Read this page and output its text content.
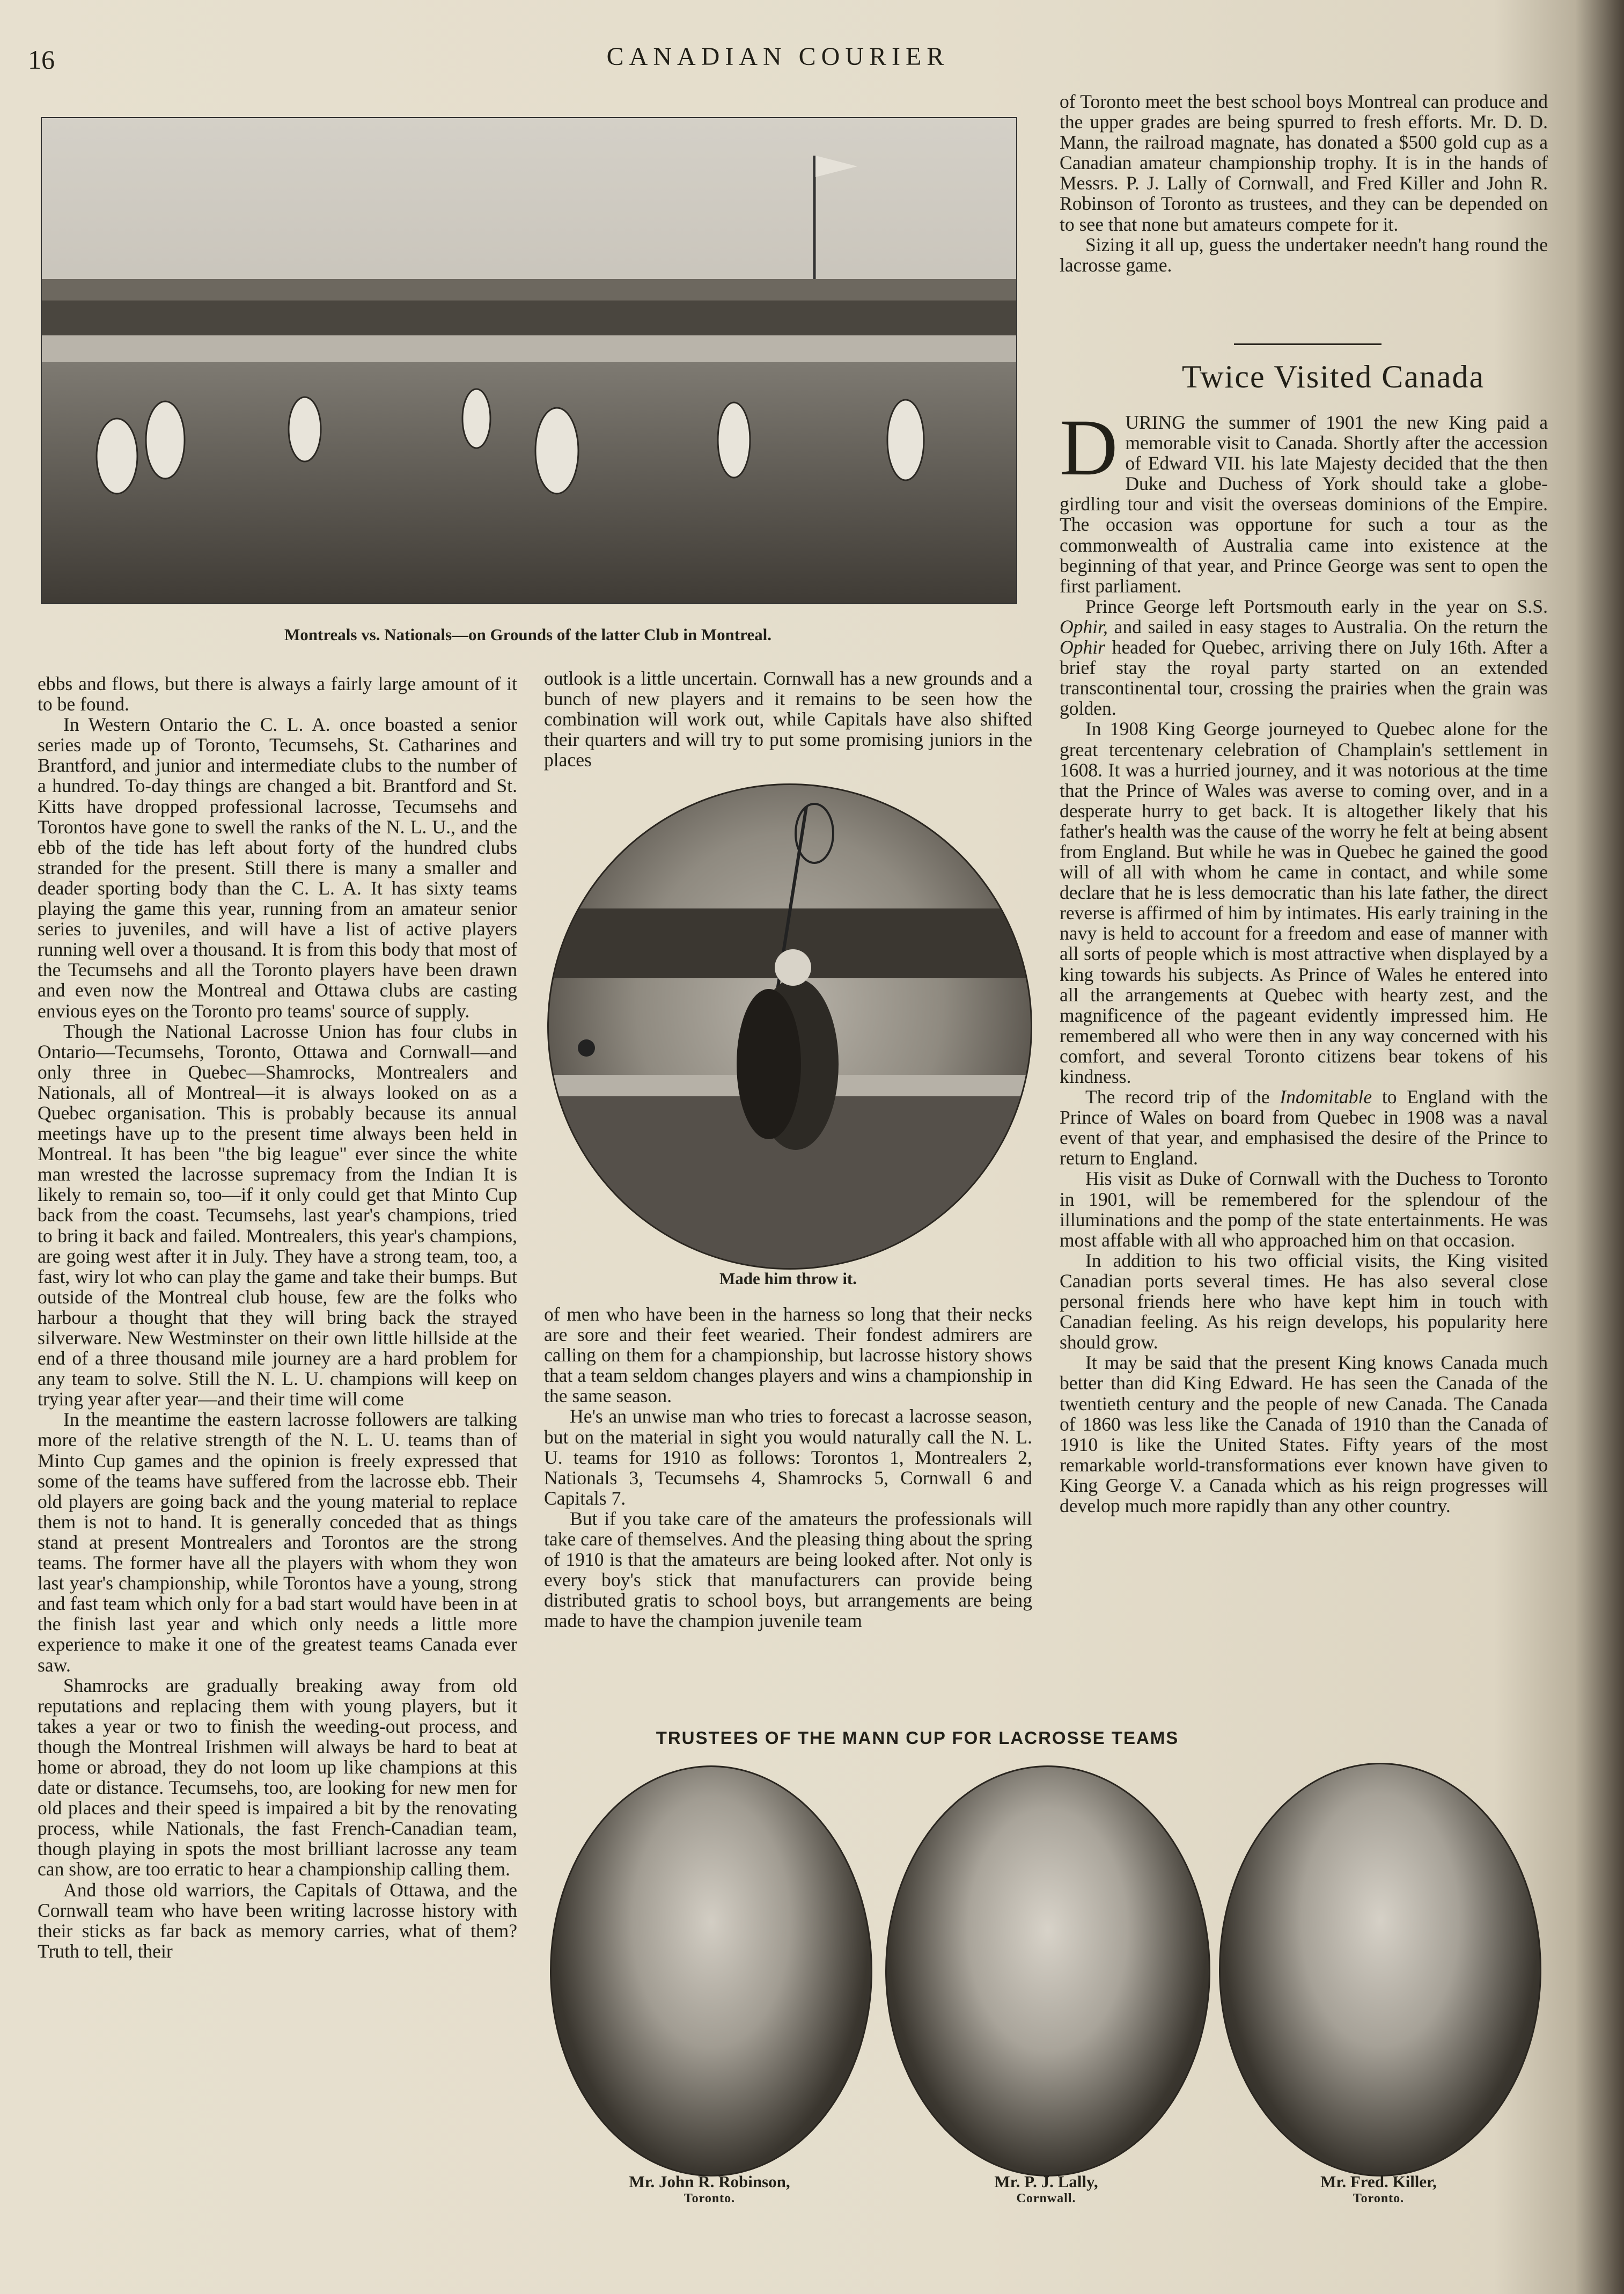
16	CANADIAN COURIER
Montreals vs. Nationals—on Grounds of the latter Club in Montreal.

ebbs and flows, but there is always a fairly large amount of it to be found.

In Western Ontario the C. L. A. once boasted a senior series made up of Toronto, Tecumsehs, St. Catharines and Brantford, and junior and intermediate clubs to the number of a hundred. To-day things are changed a bit. Brantford and St. Kitts have dropped professional lacrosse, Tecumsehs and Torontos have gone to swell the ranks of the N. L. U., and the ebb of the tide has left about forty of the hundred clubs stranded for the present. Still there is many a smaller and deader sporting body than the C. L. A. It has sixty teams playing the game this year, running from an amateur senior series to juveniles, and will have a list of active players running well over a thousand. It is from this body that most of the Tecumsehs and all the Toronto players have been drawn and even now the Montreal and Ottawa clubs are casting envious eyes on the Toronto pro teams' source of supply.

Though the National Lacrosse Union has four clubs in Ontario—Tecumsehs, Toronto, Ottawa and Cornwall—and only three in Quebec—Shamrocks, Montrealers and Nationals, all of Montreal—it is always looked on as a Quebec organisation. This is probably because its annual meetings have up to the present time always been held in Montreal. It has been "the big league" ever since the white man wrested the lacrosse supremacy from the Indian It is likely to remain so, too—if it only could get that Minto Cup back from the coast. Tecumsehs, last year's champions, tried to bring it back and failed. Montrealers, this year's champions, are going west after it in July. They have a strong team, too, a fast, wiry lot who can play the game and take their bumps. But outside of the Montreal club house, few are the folks who harbour a thought that they will bring back the strayed silverware. New Westminster on their own little hillside at the end of a three thousand mile journey are a hard problem for any team to solve. Still the N. L. U. champions will keep on trying year after year—and their time will come

In the meantime the eastern lacrosse followers are talking more of the relative strength of the N. L. U. teams than of Minto Cup games and the opinion is freely expressed that some of the teams have suffered from the lacrosse ebb. Their old players are going back and the young material to replace them is not to hand. It is generally conceded that as things stand at present Montrealers and Torontos are the strong teams. The former have all the players with whom they won last year's championship, while Torontos have a young, strong and fast team which only for a bad start would have been in at the finish last year and which only needs a little more experience to make it one of the greatest teams Canada ever saw.

Shamrocks are gradually breaking away from old reputations and replacing them with young players, but it takes a year or two to finish the weeding-out process, and though the Montreal Irishmen will always be hard to beat at home or abroad, they do not loom up like champions at this date or distance. Tecumsehs, too, are looking for new men for old places and their speed is impaired a bit by the renovating process, while Nationals, the fast French-Canadian team, though playing in spots the most brilliant lacrosse any team can show, are too erratic to hear a championship calling them.

And those old warriors, the Capitals of Ottawa, and the Cornwall team who have been writing lacrosse history with their sticks as far back as memory carries, what of them? Truth to tell, their

outlook is a little uncertain. Cornwall has a new grounds and a bunch of new players and it remains to be seen how the combination will work out, while Capitals have also shifted their quarters and will try to put some promising juniors in the places

Made him throw it.

of men who have been in the harness so long that their necks are sore and their feet wearied. Their fondest admirers are calling on them for a championship, but lacrosse history shows that a team seldom changes players and wins a championship in the same season.

He's an unwise man who tries to forecast a lacrosse season, but on the material in sight you would naturally call the N. L. U. teams for 1910 as follows: Torontos 1, Montrealers 2, Nationals 3, Tecumsehs 4, Shamrocks 5, Cornwall 6 and Capitals 7.

But if you take care of the amateurs the professionals will take care of themselves. And the pleasing thing about the spring of 1910 is that the amateurs are being looked after. Not only is every boy's stick that manufacturers can provide being distributed gratis to school boys, but arrangements are being made to have the champion juvenile team

of Toronto meet the best school boys Montreal can produce and the upper grades are being spurred to fresh efforts. Mr. D. D. Mann, the railroad magnate, has donated a $500 gold cup as a Canadian amateur championship trophy. It is in the hands of Messrs. P. J. Lally of Cornwall, and Fred Killer and John R. Robinson of Toronto as trustees, and they can be depended on to see that none but amateurs compete for it.

Sizing it all up, guess the undertaker needn't hang round the lacrosse game.

Twice Visited Canada

DURING the summer of 1901 the new King paid a memorable visit to Canada. Shortly after the accession of Edward VII. his late Majesty decided that the then Duke and Duchess of York should take a globe-girdling tour and visit the overseas dominions of the Empire. The occasion was opportune for such a tour as the commonwealth of Australia came into existence at the beginning of that year, and Prince George was sent to open the first parliament.

Prince George left Portsmouth early in the year on S.S. Ophir, and sailed in easy stages to Australia. On the return the Ophir headed for Quebec, arriving there on July 16th. After a brief stay the royal party started on an extended transcontinental tour, crossing the prairies when the grain was golden.

In 1908 King George journeyed to Quebec alone for the great tercentenary celebration of Champlain's settlement in 1608. It was a hurried journey, and it was notorious at the time that the Prince of Wales was averse to coming over, and in a desperate hurry to get back. It is altogether likely that his father's health was the cause of the worry he felt at being absent from England. But while he was in Quebec he gained the good will of all with whom he came in contact, and while some declare that he is less democratic than his late father, the direct reverse is affirmed of him by intimates. His early training in the navy is held to account for a freedom and ease of manner with all sorts of people which is most attractive when displayed by a king towards his subjects. As Prince of Wales he entered into all the arrangements at Quebec with hearty zest, and the magnificence of the pageant evidently impressed him. He remembered all who were then in any way concerned with his comfort, and several Toronto citizens bear tokens of his kindness.

The record trip of the Indomitable to England with the Prince of Wales on board from Quebec in 1908 was a naval event of that year, and emphasised the desire of the Prince to return to England.

His visit as Duke of Cornwall with the Duchess to Toronto in 1901, will be remembered for the splendour of the illuminations and the pomp of the state entertainments. He was most affable with all who approached him on that occasion.

In addition to his two official visits, the King visited Canadian ports several times. He has also several close personal friends here who have kept him in touch with Canadian feeling. As his reign develops, his popularity here should grow.

It may be said that the present King knows Canada much better than did King Edward. He has seen the Canada of the twentieth century and the people of new Canada. The Canada of 1860 was less like the Canada of 1910 than the Canada of 1910 is like the United States. Fifty years of the most remarkable world-transformations ever known have given to King George V. a Canada which as his reign progresses will develop much more rapidly than any other country.

TRUSTEES OF THE MANN CUP FOR LACROSSE TEAMS
Mr. John R. Robinson,
Toronto.
Mr. P. J. Lally,
Cornwall.
Mr. Fred. Killer,
Toronto.
